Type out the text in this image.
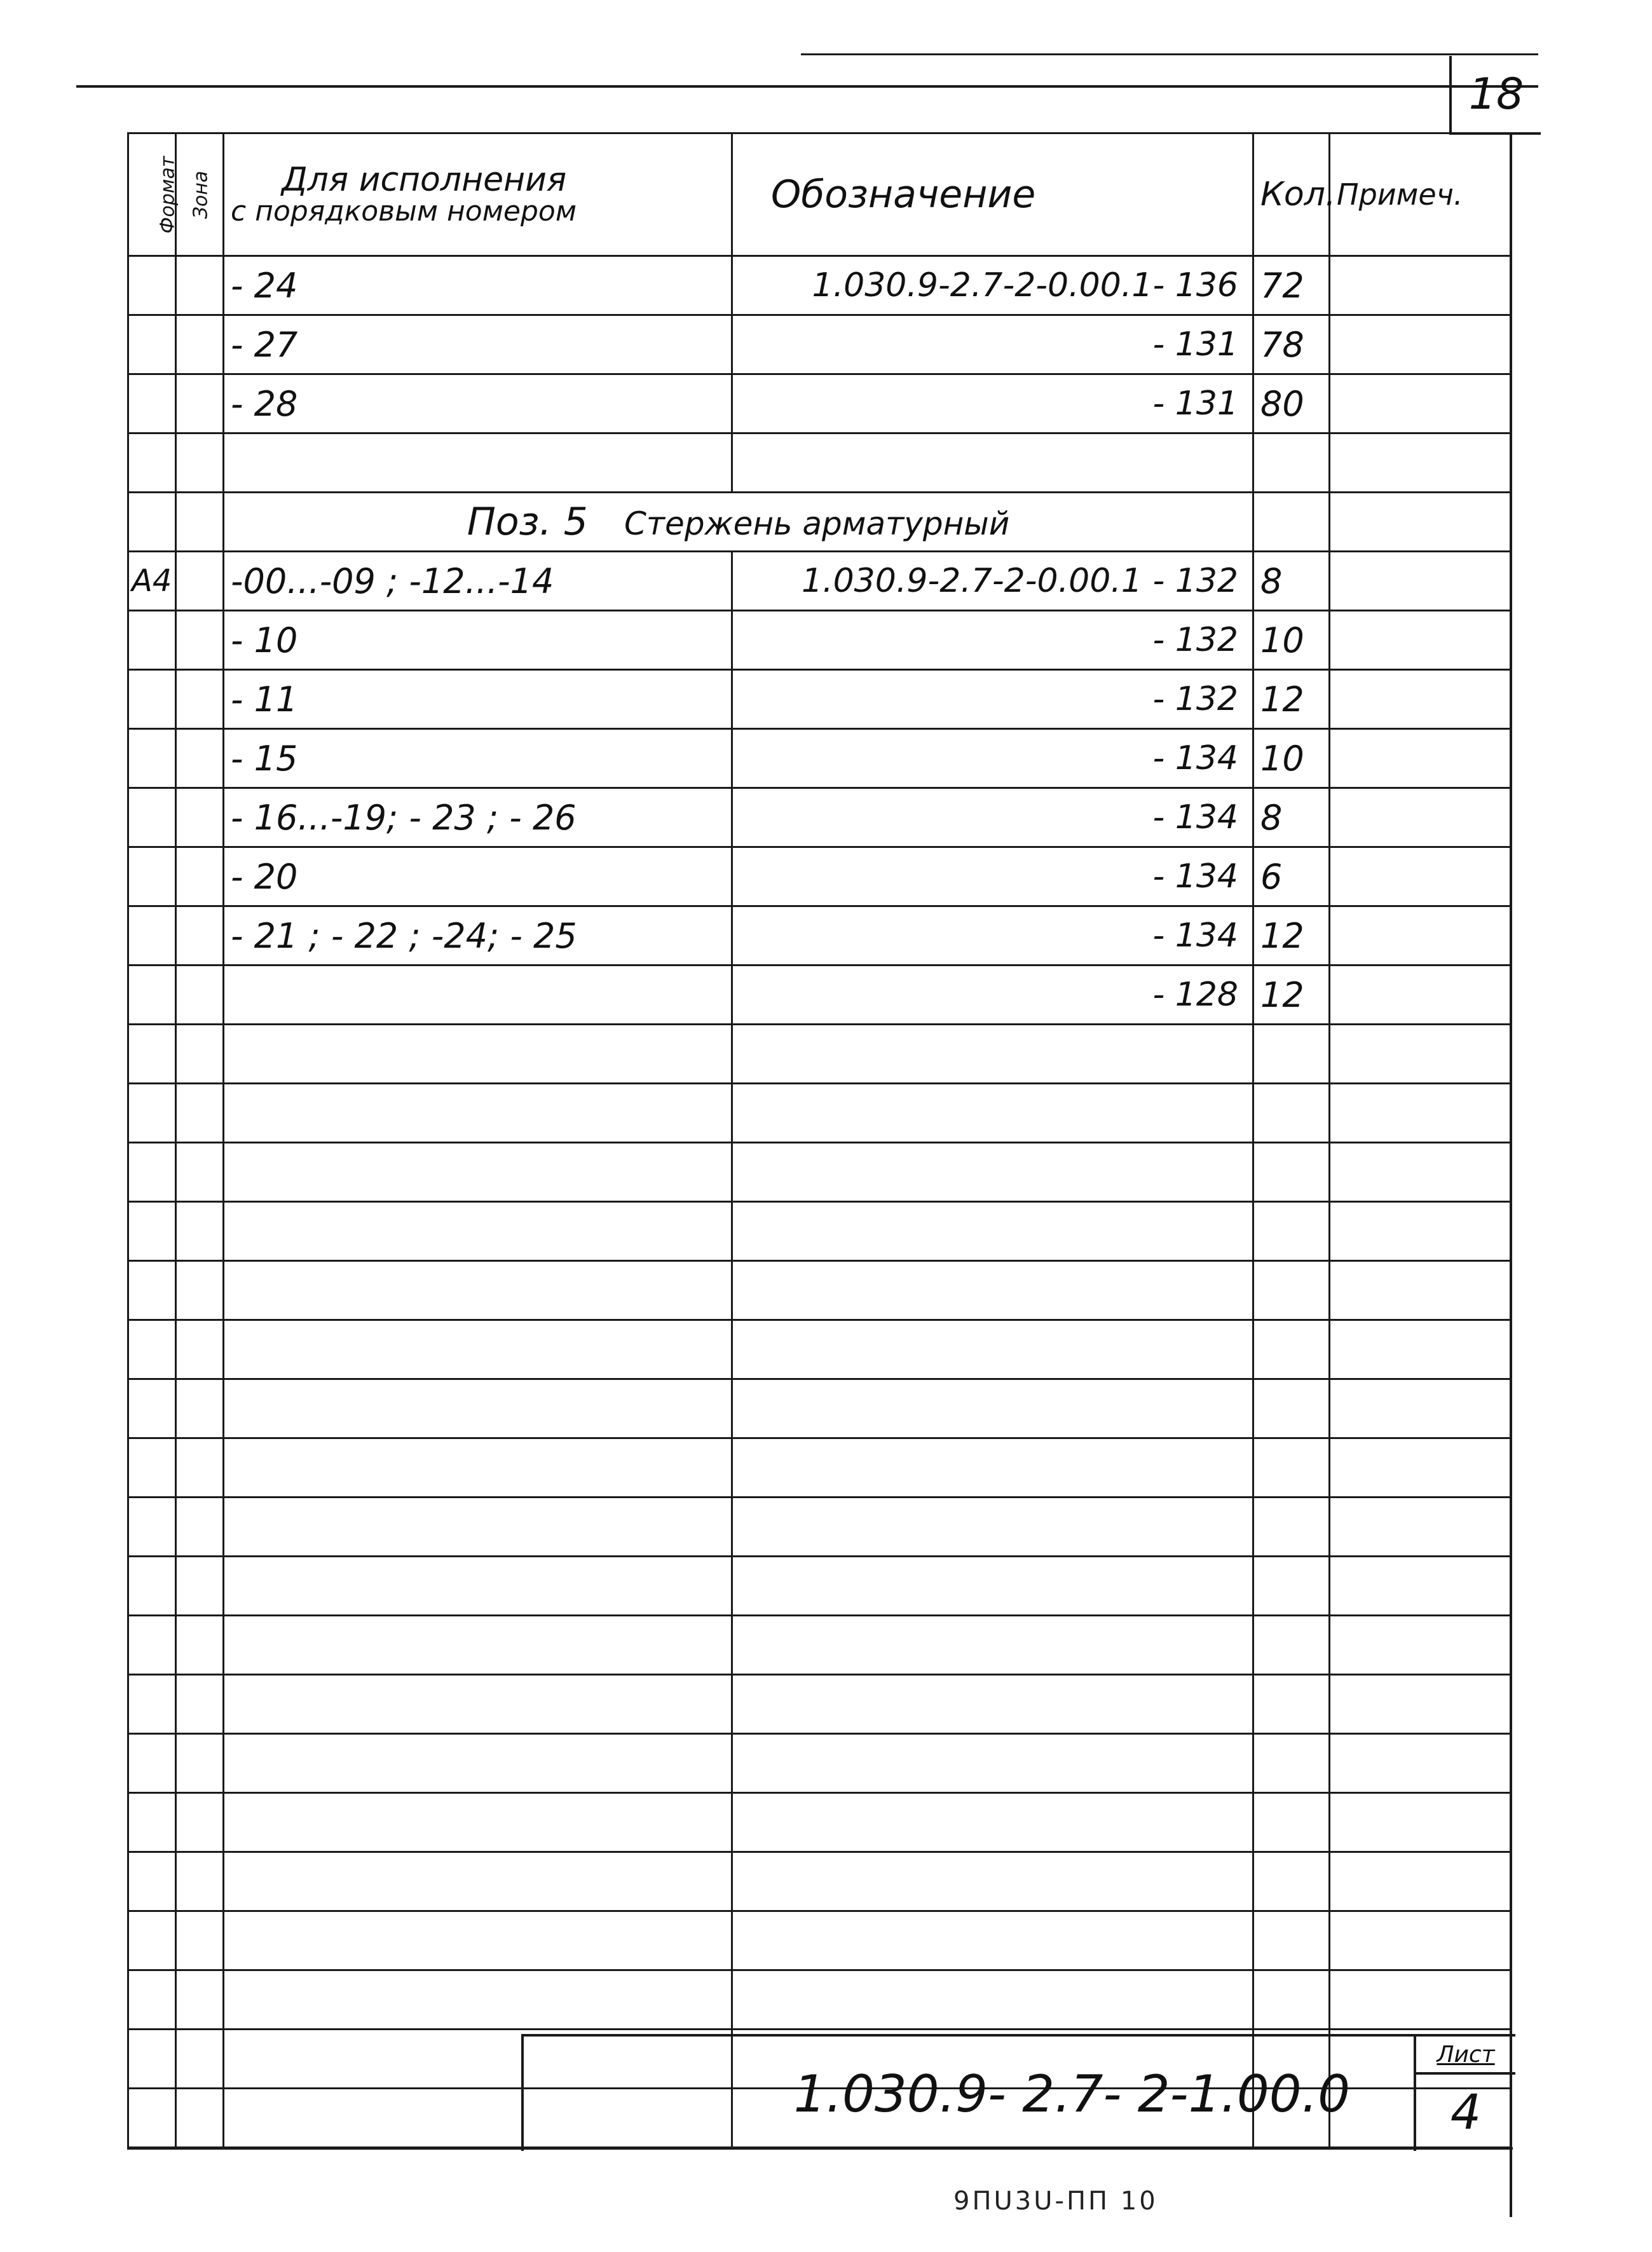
18
Формат	Зона	Для исполнения
с порядковым номером	Обозначение	Кол.	Примеч.
		- 24	1.030.9-2.7-2-0.00.1- 136	72	
		- 27	- 131	78	
		- 28	- 131	80	

		Поз. 5 Стержень арматурный			
А4		-00...-09 ; -12...-14	1.030.9-2.7-2-0.00.1 - 132	8	
		- 10	- 132	10	
		- 11	- 132	12	
		- 15	- 134	10	
		- 16...-19; - 23 ; - 26	- 134	8	
		- 20	- 134	6	
		- 21 ; - 22 ; -24; - 25	- 134	12	
			- 128	12	

1.030.9- 2.7- 2-1.00.0
Лист
4
9ПU3U-ПП 10
